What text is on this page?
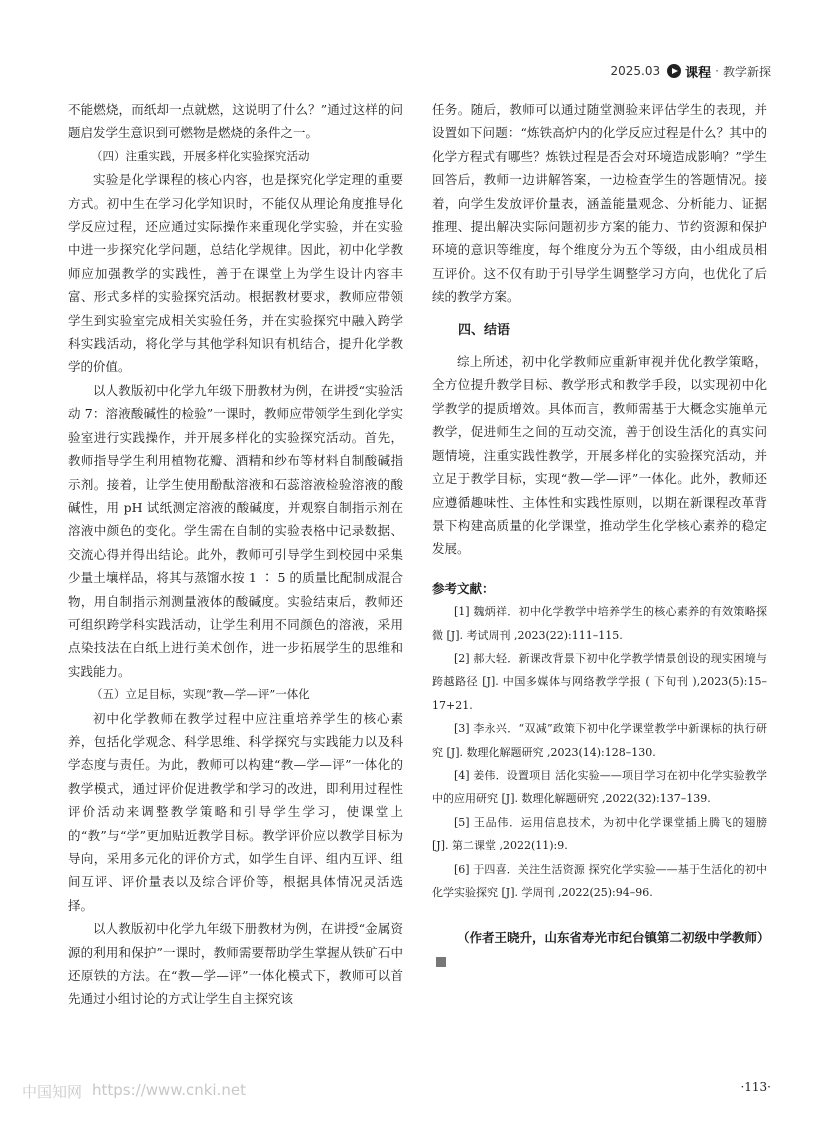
2025.03 课程 · 教学新探

不能燃烧，而纸却一点就燃，这说明了什么？”通过这样的问题启发学生意识到可燃物是燃烧的条件之一。

（四）注重实践，开展多样化实验探究活动

实验是化学课程的核心内容，也是探究化学定理的重要方式。初中生在学习化学知识时，不能仅从理论角度推导化学反应过程，还应通过实际操作来重现化学实验，并在实验中进一步探究化学问题，总结化学规律。因此，初中化学教师应加强教学的实践性，善于在课堂上为学生设计内容丰富、形式多样的实验探究活动。根据教材要求，教师应带领学生到实验室完成相关实验任务，并在实验探究中融入跨学科实践活动，将化学与其他学科知识有机结合，提升化学教学的价值。

以人教版初中化学九年级下册教材为例，在讲授“实验活动 7：溶液酸碱性的检验”一课时，教师应带领学生到化学实验室进行实践操作，并开展多样化的实验探究活动。首先，教师指导学生利用植物花瓣、酒精和纱布等材料自制酸碱指示剂。接着，让学生使用酚酞溶液和石蕊溶液检验溶液的酸碱性，用 pH 试纸测定溶液的酸碱度，并观察自制指示剂在溶液中颜色的变化。学生需在自制的实验表格中记录数据、交流心得并得出结论。此外，教师可引导学生到校园中采集少量土壤样品，将其与蒸馏水按 1 ∶ 5 的质量比配制成混合物，用自制指示剂测量液体的酸碱度。实验结束后，教师还可组织跨学科实践活动，让学生利用不同颜色的溶液，采用点染技法在白纸上进行美术创作，进一步拓展学生的思维和实践能力。

（五）立足目标，实现“教—学—评”一体化

初中化学教师在教学过程中应注重培养学生的核心素养，包括化学观念、科学思维、科学探究与实践能力以及科学态度与责任。为此，教师可以构建“教—学—评”一体化的教学模式，通过评价促进教学和学习的改进，即利用过程性评价活动来调整教学策略和引导学生学习，使课堂上的“教”与“学”更加贴近教学目标。教学评价应以教学目标为导向，采用多元化的评价方式，如学生自评、组内互评、组间互评、评价量表以及综合评价等，根据具体情况灵活选择。

以人教版初中化学九年级下册教材为例，在讲授“金属资源的利用和保护”一课时，教师需要帮助学生掌握从铁矿石中还原铁的方法。在“教—学—评”一体化模式下，教师可以首先通过小组讨论的方式让学生自主探究该

任务。随后，教师可以通过随堂测验来评估学生的表现，并设置如下问题：“炼铁高炉内的化学反应过程是什么？其中的化学方程式有哪些？炼铁过程是否会对环境造成影响？”学生回答后，教师一边讲解答案，一边检查学生的答题情况。接着，向学生发放评价量表，涵盖能量观念、分析能力、证据推理、提出解决实际问题初步方案的能力、节约资源和保护环境的意识等维度，每个维度分为五个等级，由小组成员相互评价。这不仅有助于引导学生调整学习方向，也优化了后续的教学方案。

四、结语

综上所述，初中化学教师应重新审视并优化教学策略，全方位提升教学目标、教学形式和教学手段，以实现初中化学教学的提质增效。具体而言，教师需基于大概念实施单元教学，促进师生之间的互动交流，善于创设生活化的真实问题情境，注重实践性教学，开展多样化的实验探究活动，并立足于教学目标，实现“教—学—评”一体化。此外，教师还应遵循趣味性、主体性和实践性原则，以期在新课程改革背景下构建高质量的化学课堂，推动学生化学核心素养的稳定发展。

参考文献：

[1] 魏炳祥．初中化学教学中培养学生的核心素养的有效策略探微 [J]. 考试周刊 ,2023(22):111–115.

[2] 郝大轻．新课改背景下初中化学教学情景创设的现实困境与跨越路径 [J]. 中国多媒体与网络教学学报 ( 下旬刊 ),2023(5):15–17+21.

[3] 李永兴．“双减”政策下初中化学课堂教学中新课标的执行研究 [J]. 数理化解题研究 ,2023(14):128–130.

[4] 姜伟．设置项目 活化实验——项目学习在初中化学实验教学中的应用研究 [J]. 数理化解题研究 ,2022(32):137–139.

[5] 王品伟．运用信息技术，为初中化学课堂插上腾飞的翅膀 [J]. 第二课堂 ,2022(11):9.

[6] 于四喜．关注生活资源 探究化学实验——基于生活化的初中化学实验探究 [J]. 学周刊 ,2022(25):94–96.

（作者王晓升，山东省寿光市纪台镇第二初级中学教师）
中国知网 https://www.cnki.net	·113·
